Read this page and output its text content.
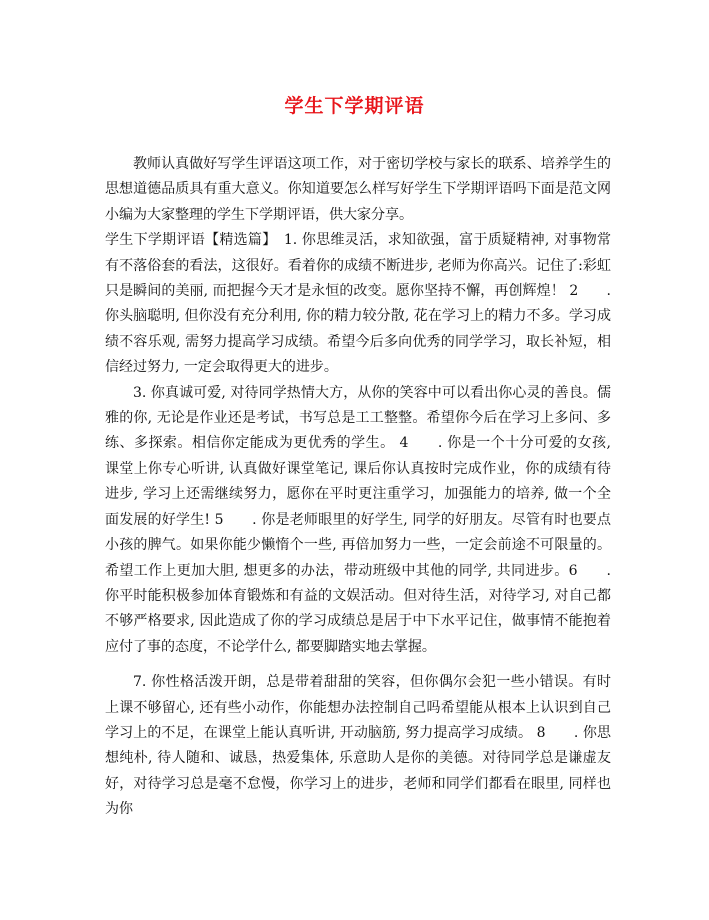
学生下学期评语

教师认真做好写学生评语这项工作，对于密切学校与家长的联系、培养学生的思想道德品质具有重大意义。你知道要怎么样写好学生下学期评语吗下面是范文网小编为大家整理的学生下学期评语，供大家分享。

学生下学期评语【精选篇】　1. 你思维灵活，求知欲强，富于质疑精神, 对事物常有不落俗套的看法，这很好。看着你的成绩不断进步, 老师为你高兴。记住了:彩虹只是瞬间的美丽, 而把握今天才是永恒的改变。愿你坚持不懈，再创辉煌！ 2　　. 你头脑聪明, 但你没有充分利用, 你的精力较分散, 花在学习上的精力不多。学习成绩不容乐观, 需努力提高学习成绩。希望今后多向优秀的同学学习，取长补短，相信经过努力, 一定会取得更大的进步。

3. 你真诚可爱, 对待同学热情大方，从你的笑容中可以看出你心灵的善良。儒雅的你, 无论是作业还是考试，书写总是工工整整。希望你今后在学习上多问、多练、多探索。相信你定能成为更优秀的学生。 4　　. 你是一个十分可爱的女孩, 课堂上你专心听讲, 认真做好课堂笔记, 课后你认真按时完成作业，你的成绩有待进步, 学习上还需继续努力，愿你在平时更注重学习，加强能力的培养, 做一个全面发展的好学生! 5　　. 你是老师眼里的好学生, 同学的好朋友。尽管有时也要点小孩的脾气。如果你能少懒惰个一些, 再倍加努力一些，一定会前途不可限量的。希望工作上更加大胆, 想更多的办法，带动班级中其他的同学, 共同进步。6　　. 你平时能积极参加体育锻炼和有益的文娱活动。但对待生活，对待学习, 对自己都不够严格要求, 因此造成了你的学习成绩总是居于中下水平记住，做事情不能抱着应付了事的态度，不论学什么, 都要脚踏实地去掌握。

7. 你性格活泼开朗，总是带着甜甜的笑容，但你偶尔会犯一些小错误。有时上课不够留心, 还有些小动作，你能想办法控制自己吗希望能从根本上认识到自己学习上的不足，在课堂上能认真听讲, 开动脑筋, 努力提高学习成绩。 8　　. 你思想纯朴, 待人随和、诚恳，热爱集体, 乐意助人是你的美德。对待同学总是谦虚友好，对待学习总是毫不怠慢，你学习上的进步，老师和同学们都看在眼里, 同样也为你
